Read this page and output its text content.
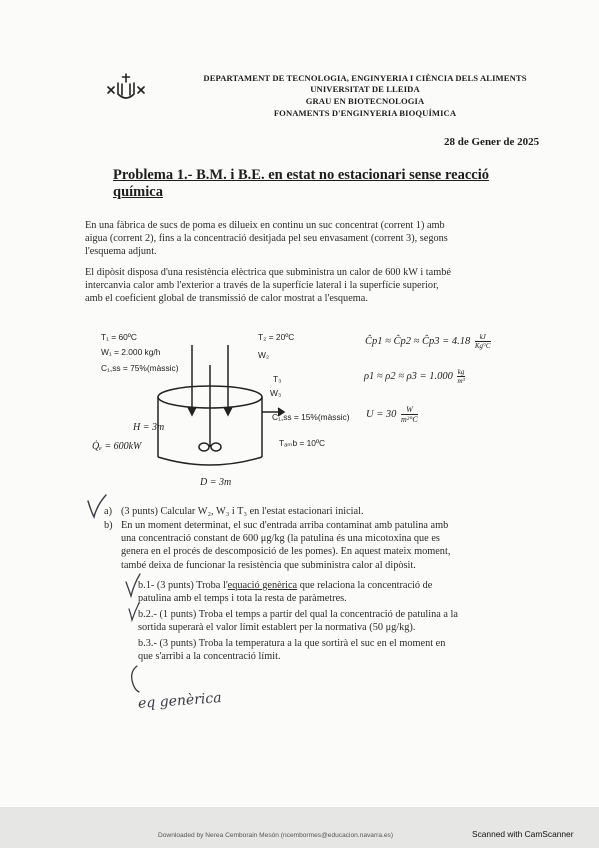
DEPARTAMENT DE TECNOLOGIA, ENGINYERIA I CIÈNCIA DELS ALIMENTS
UNIVERSITAT DE LLEIDA
GRAU EN BIOTECNOLOGIA
FONAMENTS D'ENGINYERIA BIOQUÍMICA
28 de Gener de 2025
Problema 1.- B.M. i B.E. en estat no estacionari sense reacció
química
En una fàbrica de sucs de poma es dilueix en continu un suc concentrat (corrent 1) amb
aigua (corrent 2), fins a la concentració desitjada pel seu envasament (corrent 3), segons
l'esquema adjunt.
El dipòsit disposa d'una resistència elèctrica que subministra un calor de 600 kW i també
intercanvia calor amb l'exterior a través de la superfície lateral i la superfície superior,
amb el coeficient global de transmissió de calor mostrat a l'esquema.
T₁ = 60ºC
W₁ = 2.000 kg/h
C₁,ss = 75%(màssic)
T₂ = 20ºC
W₂
T₃
W₃
C₁,ss = 15%(màssic)
Tₐₘb = 10ºC
H = 3m
Q̇ₑ = 600kW
D = 3m
Ĉp1 ≈ Ĉp2 ≈ Ĉp3 = $4.18 \frac{kJ}{Kg^\circ C}$
$\rho 1 \approx \rho 2 \approx \rho 3 = 1.000 \frac{kg}{\text{m³}}$
$U = 30 \frac{W}{\text{m²°C}}$
a) (3 punts) Calcular W₂, W₃ i T₃ en l'estat estacionari inicial.
b) En un moment determinat, el suc d'entrada arriba contaminat amb patulina amb
una concentració constant de 600 μg/kg (la patulina és una micotoxina que es
genera en el procés de descomposició de les pomes). En aquest mateix moment,
també deixa de funcionar la resistència que subministra calor al dipòsit.
b.1- (3 punts) Troba l'equació genèrica que relaciona la concentració de
patulina amb el temps i tota la resta de paràmetres.
b.2.- (1 punts) Troba el temps a partir del qual la concentració de patulina a la
sortida superarà el valor límit establert per la normativa (50 μg/kg).
b.3.- (3 punts) Troba la temperatura a la que sortirà el suc en el moment en
que s'arribi a la concentració límit.
eq genèrica
Downloaded by Nerea Cemborain Mesón (ncembormes@educacion.navarra.es)	Scanned with CamScanner
